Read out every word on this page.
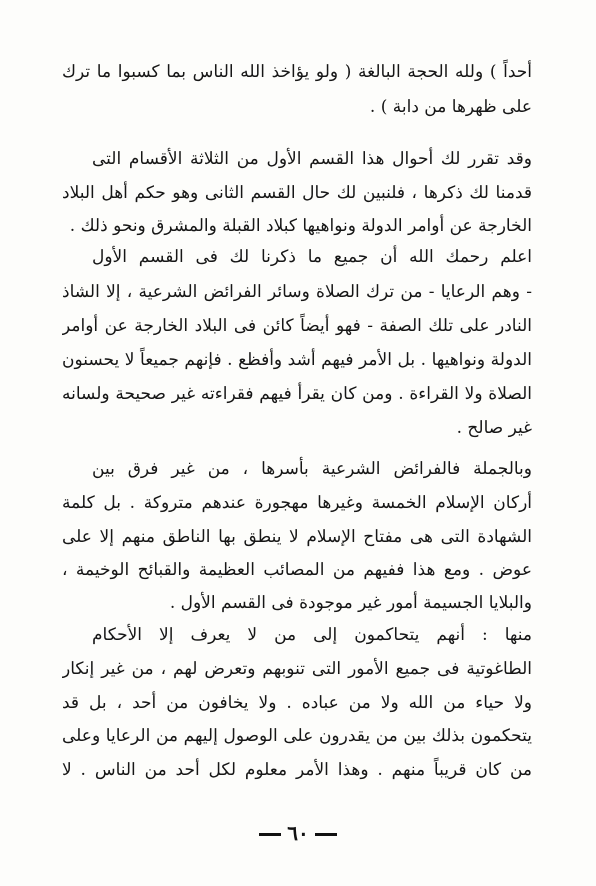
أحداً ) ولله الحجة البالغة ( ولو يؤاخذ الله الناس بما كسبوا ما ترك
على ظهرها من دابة ) .
وقد تقرر لك أحوال هذا القسم الأول من الثلاثة الأقسام التى
قدمنا لك ذكرها ، فلنبين لك حال القسم الثانى وهو حكم أهل البلاد
الخارجة عن أوامر الدولة ونواهيها كبلاد القبلة والمشرق ونحو ذلك .
اعلم رحمك الله أن جميع ما ذكرنا لك فى القسم الأول
- وهم الرعايا - من ترك الصلاة وسائر الفرائض الشرعية ، إلا الشاذ
النادر على تلك الصفة - فهو أيضاً كائن فى البلاد الخارجة عن أوامر
الدولة ونواهيها . بل الأمر فيهم أشد وأفظع . فإنهم جميعاً لا يحسنون
الصلاة ولا القراءة . ومن كان يقرأ فيهم فقراءته غير صحيحة ولسانه
غير صالح .
وبالجملة فالفرائض الشرعية بأسرها ، من غير فرق بين
أركان الإسلام الخمسة وغيرها مهجورة عندهم متروكة . بل كلمة
الشهادة التى هى مفتاح الإسلام لا ينطق بها الناطق منهم إلا على
عوض . ومع هذا ففيهم من المصائب العظيمة والقبائح الوخيمة ،
والبلايا الجسيمة أمور غير موجودة فى القسم الأول .
منها : أنهم يتحاكمون إلى من لا يعرف إلا الأحكام
الطاغوتية فى جميع الأمور التى تنوبهم وتعرض لهم ، من غير إنكار
ولا حياء من الله ولا من عباده . ولا يخافون من أحد ، بل قد
يتحكمون بذلك بين من يقدرون على الوصول إليهم من الرعايا وعلى
من كان قريباً منهم . وهذا الأمر معلوم لكل أحد من الناس . لا
٦٠
